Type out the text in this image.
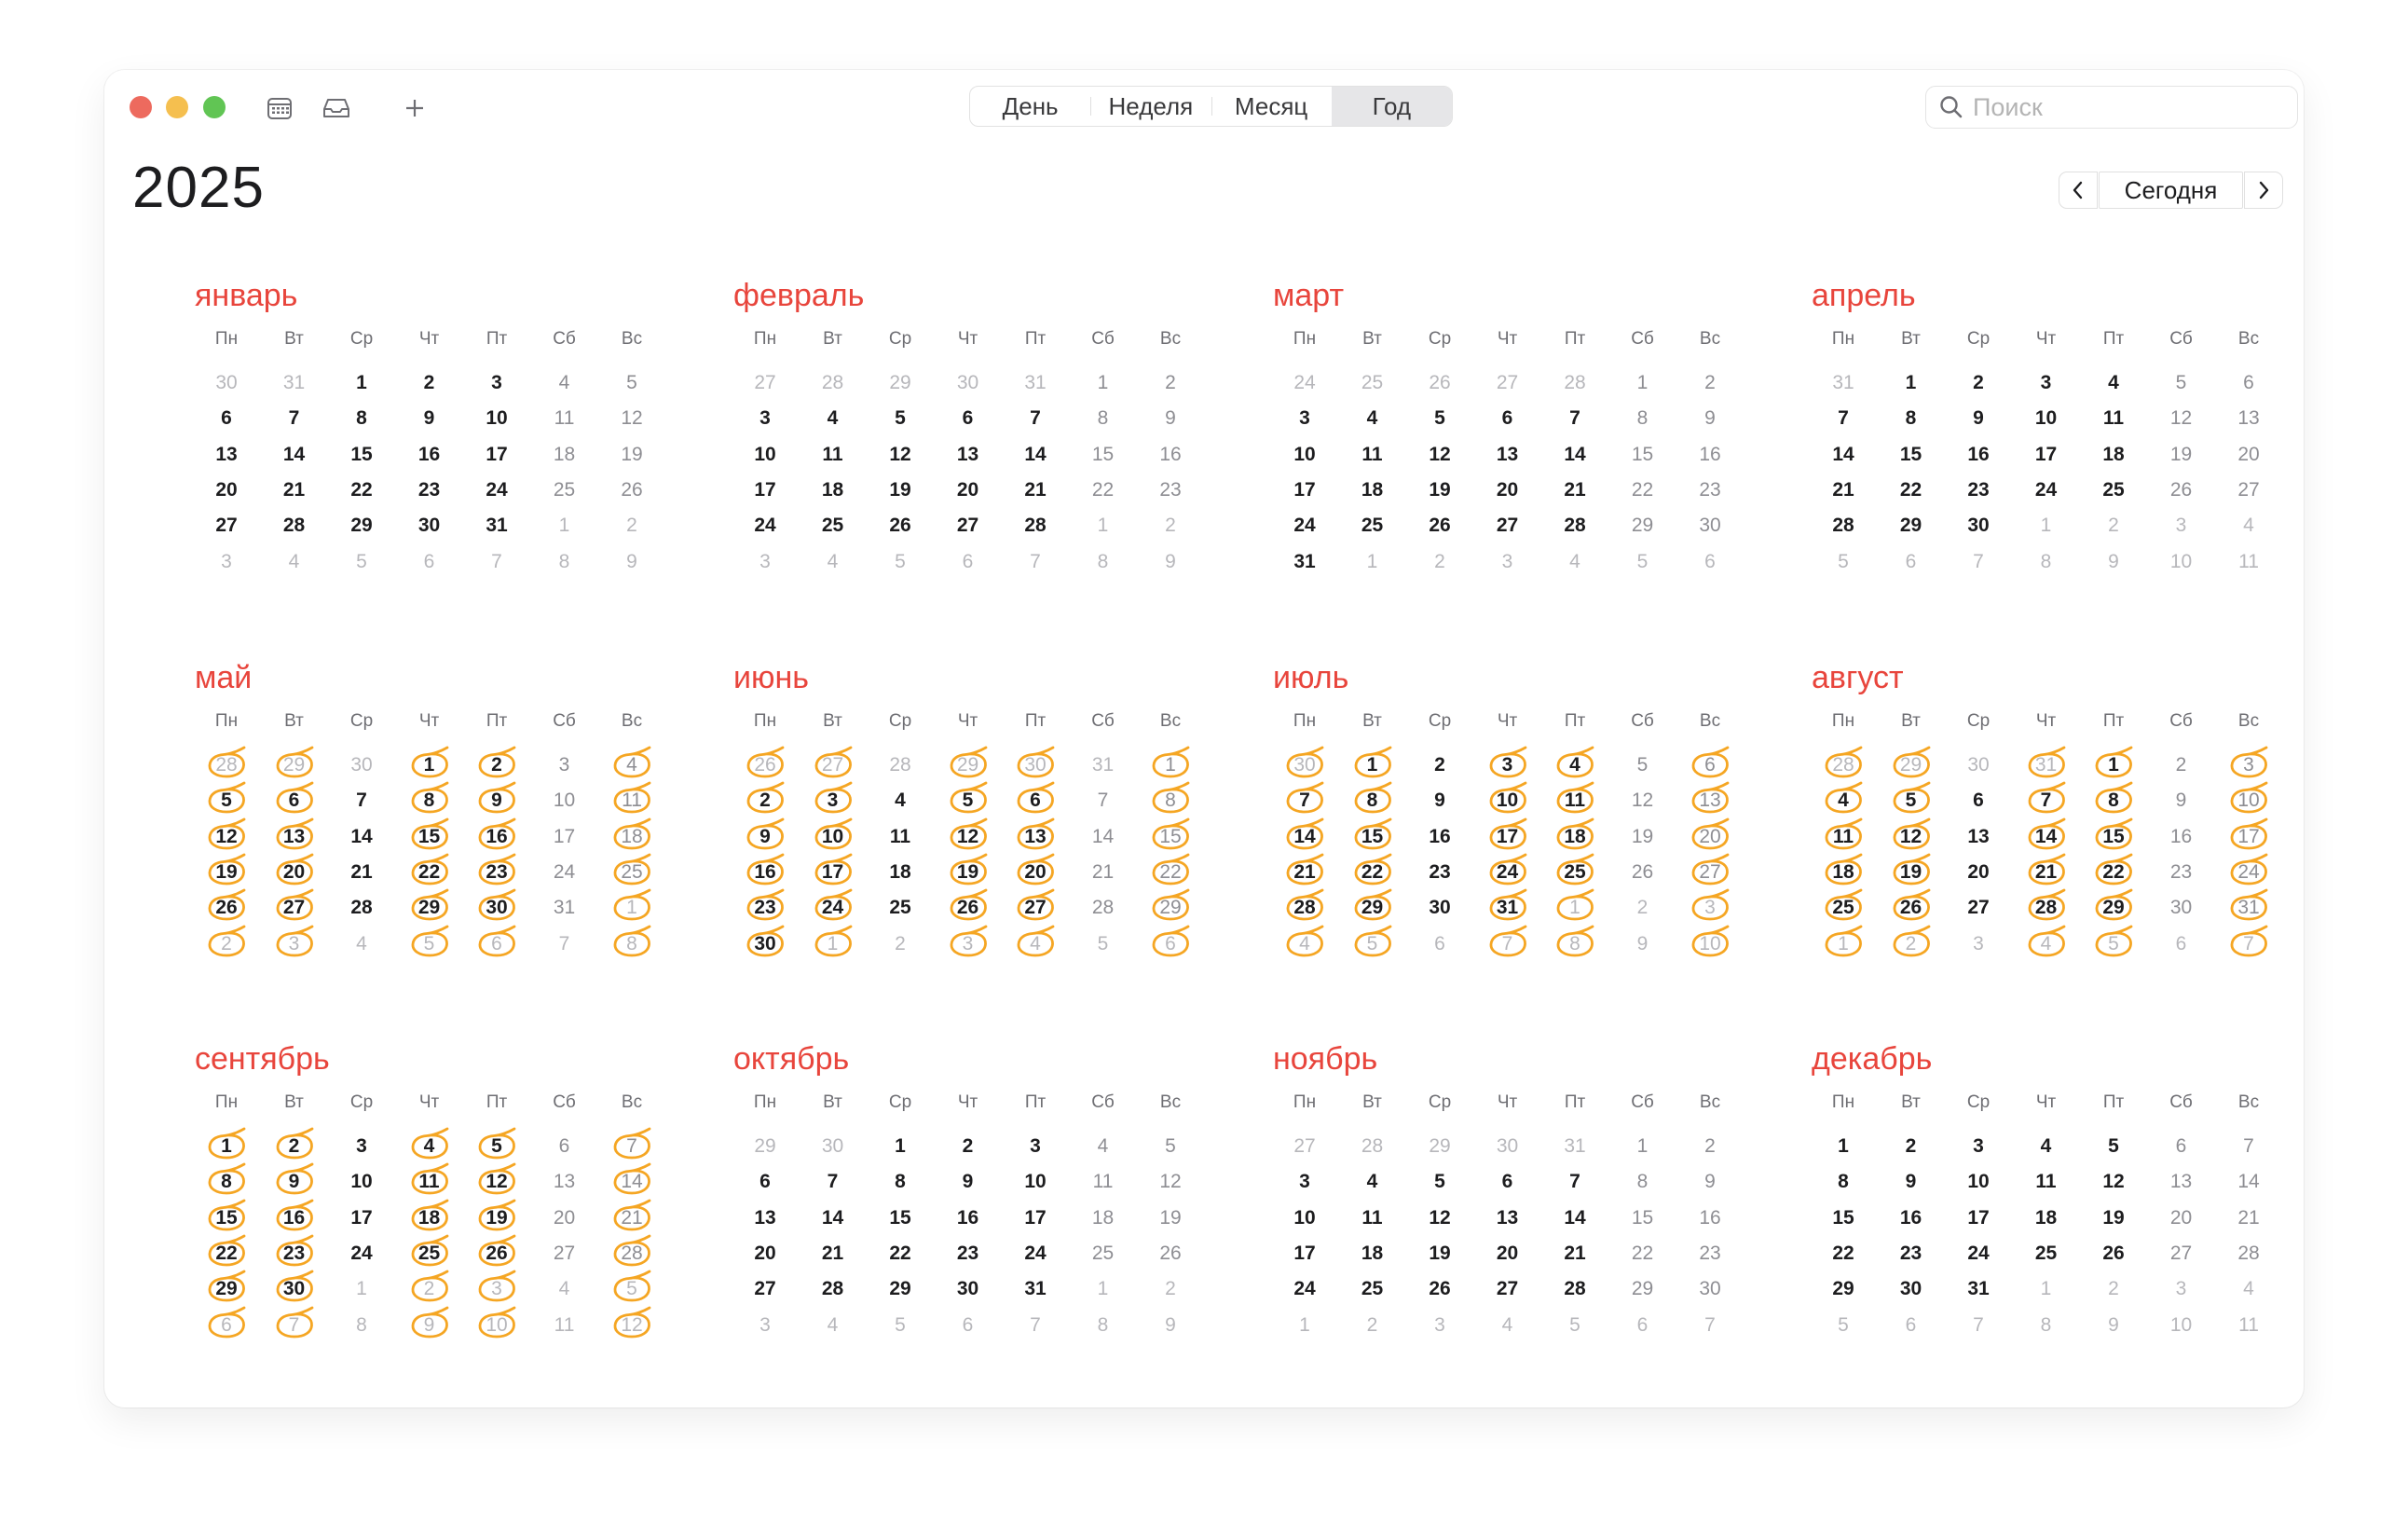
День	Неделя	Месяц	Год
Поиск
2025	Сегодня
январь
Пн	Вт	Ср	Чт	Пт	Сб	Вс
30 31	1	2	3	4	5
6	7	8	9	10 11 12
13 14 15 16 17 18 19
20 21 22 23 24 25 26
27 28 29 30 31	1	2
3	4	5	6	7	8	9
февраль
Пн	Вт	Ср	Чт	Пт	Сб	Вс
27 28 29 30 31	1	2
3	4	5	6	7	8	9
10 11 12 13 14 15 16
17 18 19 20 21 22 23
24 25 26 27 28	1	2
3	4	5	6	7	8	9
март
Пн	Вт	Ср	Чт	Пт	Сб	Вс
24 25 26 27 28	1	2
3	4	5	6	7	8	9
10 11 12 13 14 15 16
17 18 19 20 21 22 23
24 25 26 27 28 29 30
31	1	2	3	4	5	6
апрель
Пн	Вт	Ср	Чт	Пт	Сб	Вс
31	1	2	3	4	5	6
7	8	9	10 11 12 13
14 15 16 17 18 19 20
21 22 23 24 25 26 27
28 29 30	1	2	3	4
5	6	7	8	9	10 11
май
Пн	Вт	Ср	Чт	Пт	Сб	Вс
28 29 30	1	2	3	4
5	6	7	8	9	10 11
12 13 14 15 16 17 18
19 20 21 22 23 24 25
26 27 28 29 30 31	1
2	3	4	5	6	7	8
июнь
Пн	Вт	Ср	Чт	Пт	Сб	Вс
26 27 28 29 30 31	1
2	3	4	5	6	7	8
9	10 11 12 13 14 15
16 17 18 19 20 21 22
23 24 25 26 27 28 29
30	1	2	3	4	5	6
июль
Пн	Вт	Ср	Чт	Пт	Сб	Вс
30	1	2	3	4	5	6
7	8	9	10 11 12 13
14 15 16 17 18 19 20
21 22 23 24 25 26 27
28 29 30 31	1	2	3
4	5	6	7	8	9	10
август
Пн	Вт	Ср	Чт	Пт	Сб	Вс
28 29 30 31	1	2	3
4	5	6	7	8	9	10
11 12 13 14 15 16 17
18 19 20 21 22 23 24
25 26 27 28 29 30 31
1	2	3	4	5	6	7
сентябрь
Пн	Вт	Ср	Чт	Пт	Сб	Вс
1	2	3	4	5	6	7
8	9	10 11 12 13 14
15 16 17 18 19 20 21
22 23 24 25 26 27 28
29 30	1	2	3	4	5
6	7	8	9	10 11 12
октябрь
Пн	Вт	Ср	Чт	Пт	Сб	Вс
29 30	1	2	3	4	5
6	7	8	9	10 11 12
13 14 15 16 17 18 19
20 21 22 23 24 25 26
27 28 29 30 31	1	2
3	4	5	6	7	8	9
ноябрь
Пн	Вт	Ср	Чт	Пт	Сб	Вс
27 28 29 30 31	1	2
3	4	5	6	7	8	9
10 11 12 13 14 15 16
17 18 19 20 21 22 23
24 25 26 27 28 29 30
1	2	3	4	5	6	7
декабрь
Пн	Вт	Ср	Чт	Пт	Сб	Вс
1	2	3	4	5	6	7
8	9	10 11 12 13 14
15 16 17 18 19 20 21
22 23 24 25 26 27 28
29 30 31	1	2	3	4
5	6	7	8	9	10 11
